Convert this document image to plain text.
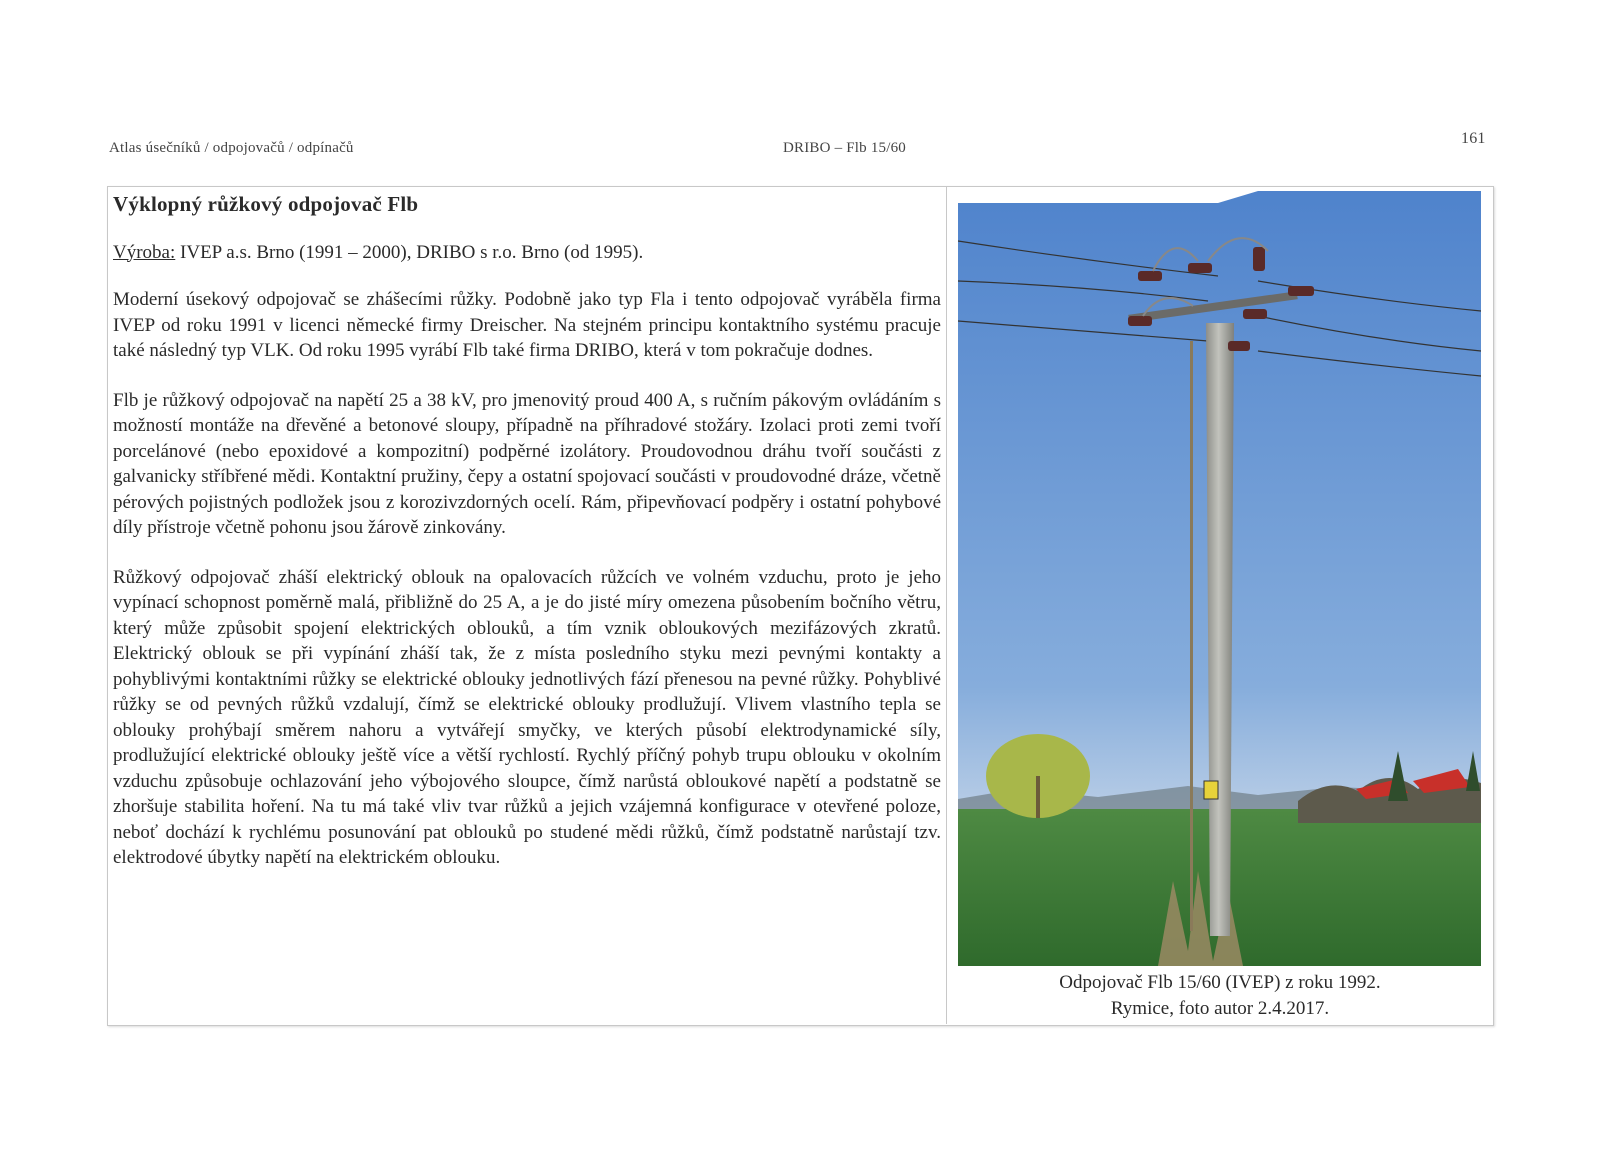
Atlas úsečníků / odpojovačů / odpínačů	DRIBO – Flb 15/60
161
Výklopný růžkový odpojovač Flb
Výroba: IVEP a.s. Brno (1991 – 2000), DRIBO s r.o. Brno (od 1995).

Moderní úsekový odpojovač se zhášecími růžky. Podobně jako typ Fla i tento odpojovač vyráběla firma IVEP od roku 1991 v licenci německé firmy Dreischer. Na stejném principu kontaktního systému pracuje také následný typ VLK. Od roku 1995 vyrábí Flb také firma DRIBO, která v tom pokračuje dodnes.

Flb je růžkový odpojovač na napětí 25 a 38 kV, pro jmenovitý proud 400 A, s ručním pákovým ovládáním s možností montáže na dřevěné a betonové sloupy, případně na příhradové stožáry. Izolaci proti zemi tvoří porcelánové (nebo epoxidové a kompozitní) podpěrné izolátory. Proudovodnou dráhu tvoří součásti z galvanicky stříbřené mědi. Kontaktní pružiny, čepy a ostatní spojovací součásti v proudovodné dráze, včetně pérových pojistných podložek jsou z korozivzdorných ocelí. Rám, připevňovací podpěry i ostatní pohybové díly přístroje včetně pohonu jsou žárově zinkovány.

Růžkový odpojovač zháší elektrický oblouk na opalovacích růžcích ve volném vzduchu, proto je jeho vypínací schopnost poměrně malá, přibližně do 25 A, a je do jisté míry omezena působením bočního větru, který může způsobit spojení elektrických oblouků, a tím vznik obloukových mezifázových zkratů. Elektrický oblouk se při vypínání zháší tak, že z místa posledního styku mezi pevnými kontakty a pohyblivými kontaktními růžky se elektrické oblouky jednotlivých fází přenesou na pevné růžky. Pohyblivé růžky se od pevných růžků vzdalují, čímž se elektrické oblouky prodlužují. Vlivem vlastního tepla se oblouky prohýbají směrem nahoru a vytvářejí smyčky, ve kterých působí elektrodynamické síly, prodlužující elektrické oblouky ještě více a větší rychlostí. Rychlý příčný pohyb trupu oblouku v okolním vzduchu způsobuje ochlazování jeho výbojového sloupce, čímž narůstá obloukové napětí a podstatně se zhoršuje stabilita hoření. Na tu má také vliv tvar růžků a jejich vzájemná konfigurace v otevřené poloze, neboť dochází k rychlému posunování pat oblouků po studené mědi růžků, čímž podstatně narůstají tzv. elektrodové úbytky napětí na elektrickém oblouku.

Odpojovač Flb 15/60 (IVEP) z roku 1992.
Rymice, foto autor 2.4.2017.
